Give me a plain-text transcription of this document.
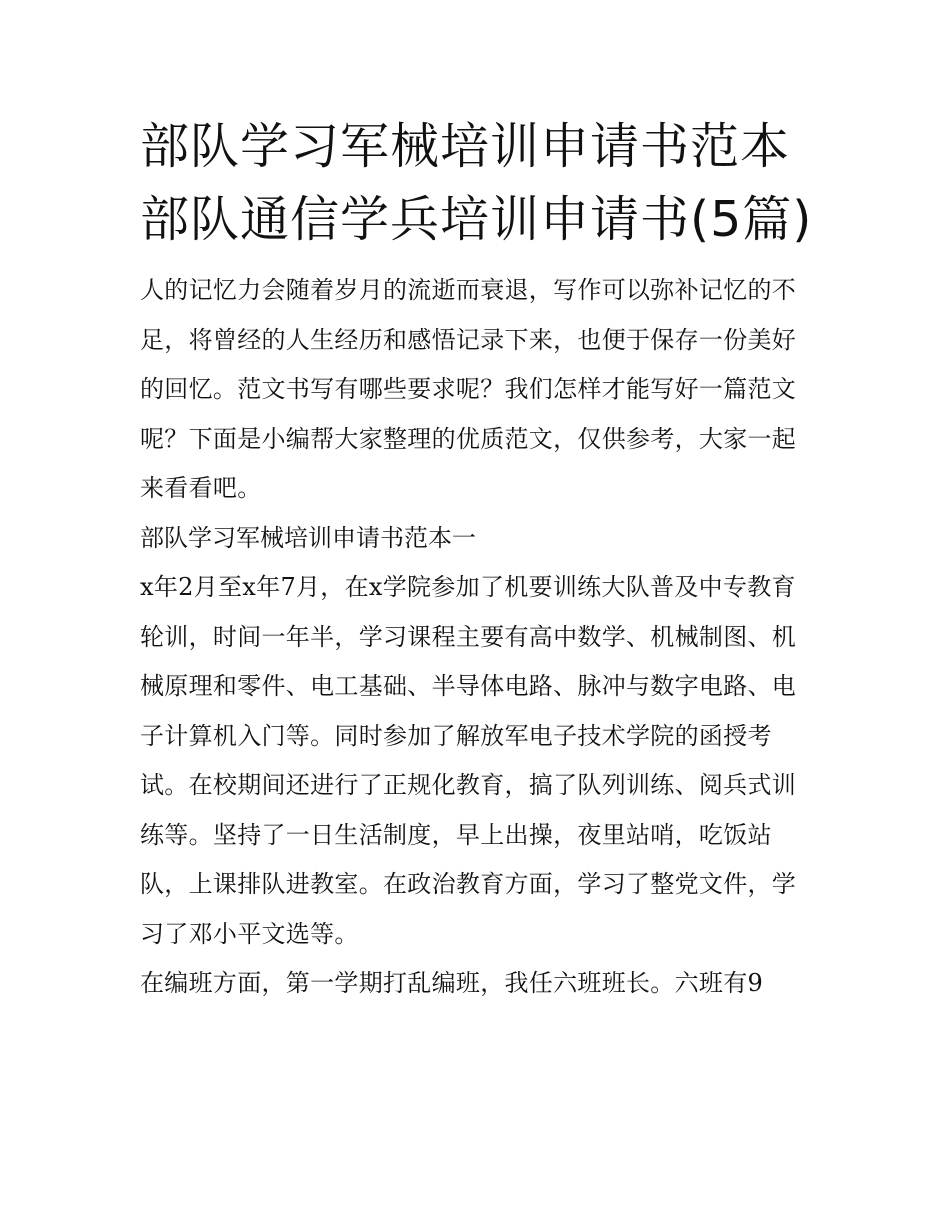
部队学习军械培训申请书范本 部队通信学兵培训申请书(5篇)

人的记忆力会随着岁月的流逝而衰退，写作可以弥补记忆的不足，将曾经的人生经历和感悟记录下来，也便于保存一份美好的回忆。范文书写有哪些要求呢？我们怎样才能写好一篇范文呢？下面是小编帮大家整理的优质范文，仅供参考，大家一起来看看吧。

部队学习军械培训申请书范本一

x年2月至x年7月，在x学院参加了机要训练大队普及中专教育轮训，时间一年半，学习课程主要有高中数学、机械制图、机械原理和零件、电工基础、半导体电路、脉冲与数字电路、电子计算机入门等。同时参加了解放军电子技术学院的函授考试。在校期间还进行了正规化教育，搞了队列训练、阅兵式训练等。坚持了一日生活制度，早上出操，夜里站哨，吃饭站队，上课排队进教室。在政治教育方面，学习了整党文件，学习了邓小平文选等。

在编班方面，第一学期打乱编班，我任六班班长。六班有9
